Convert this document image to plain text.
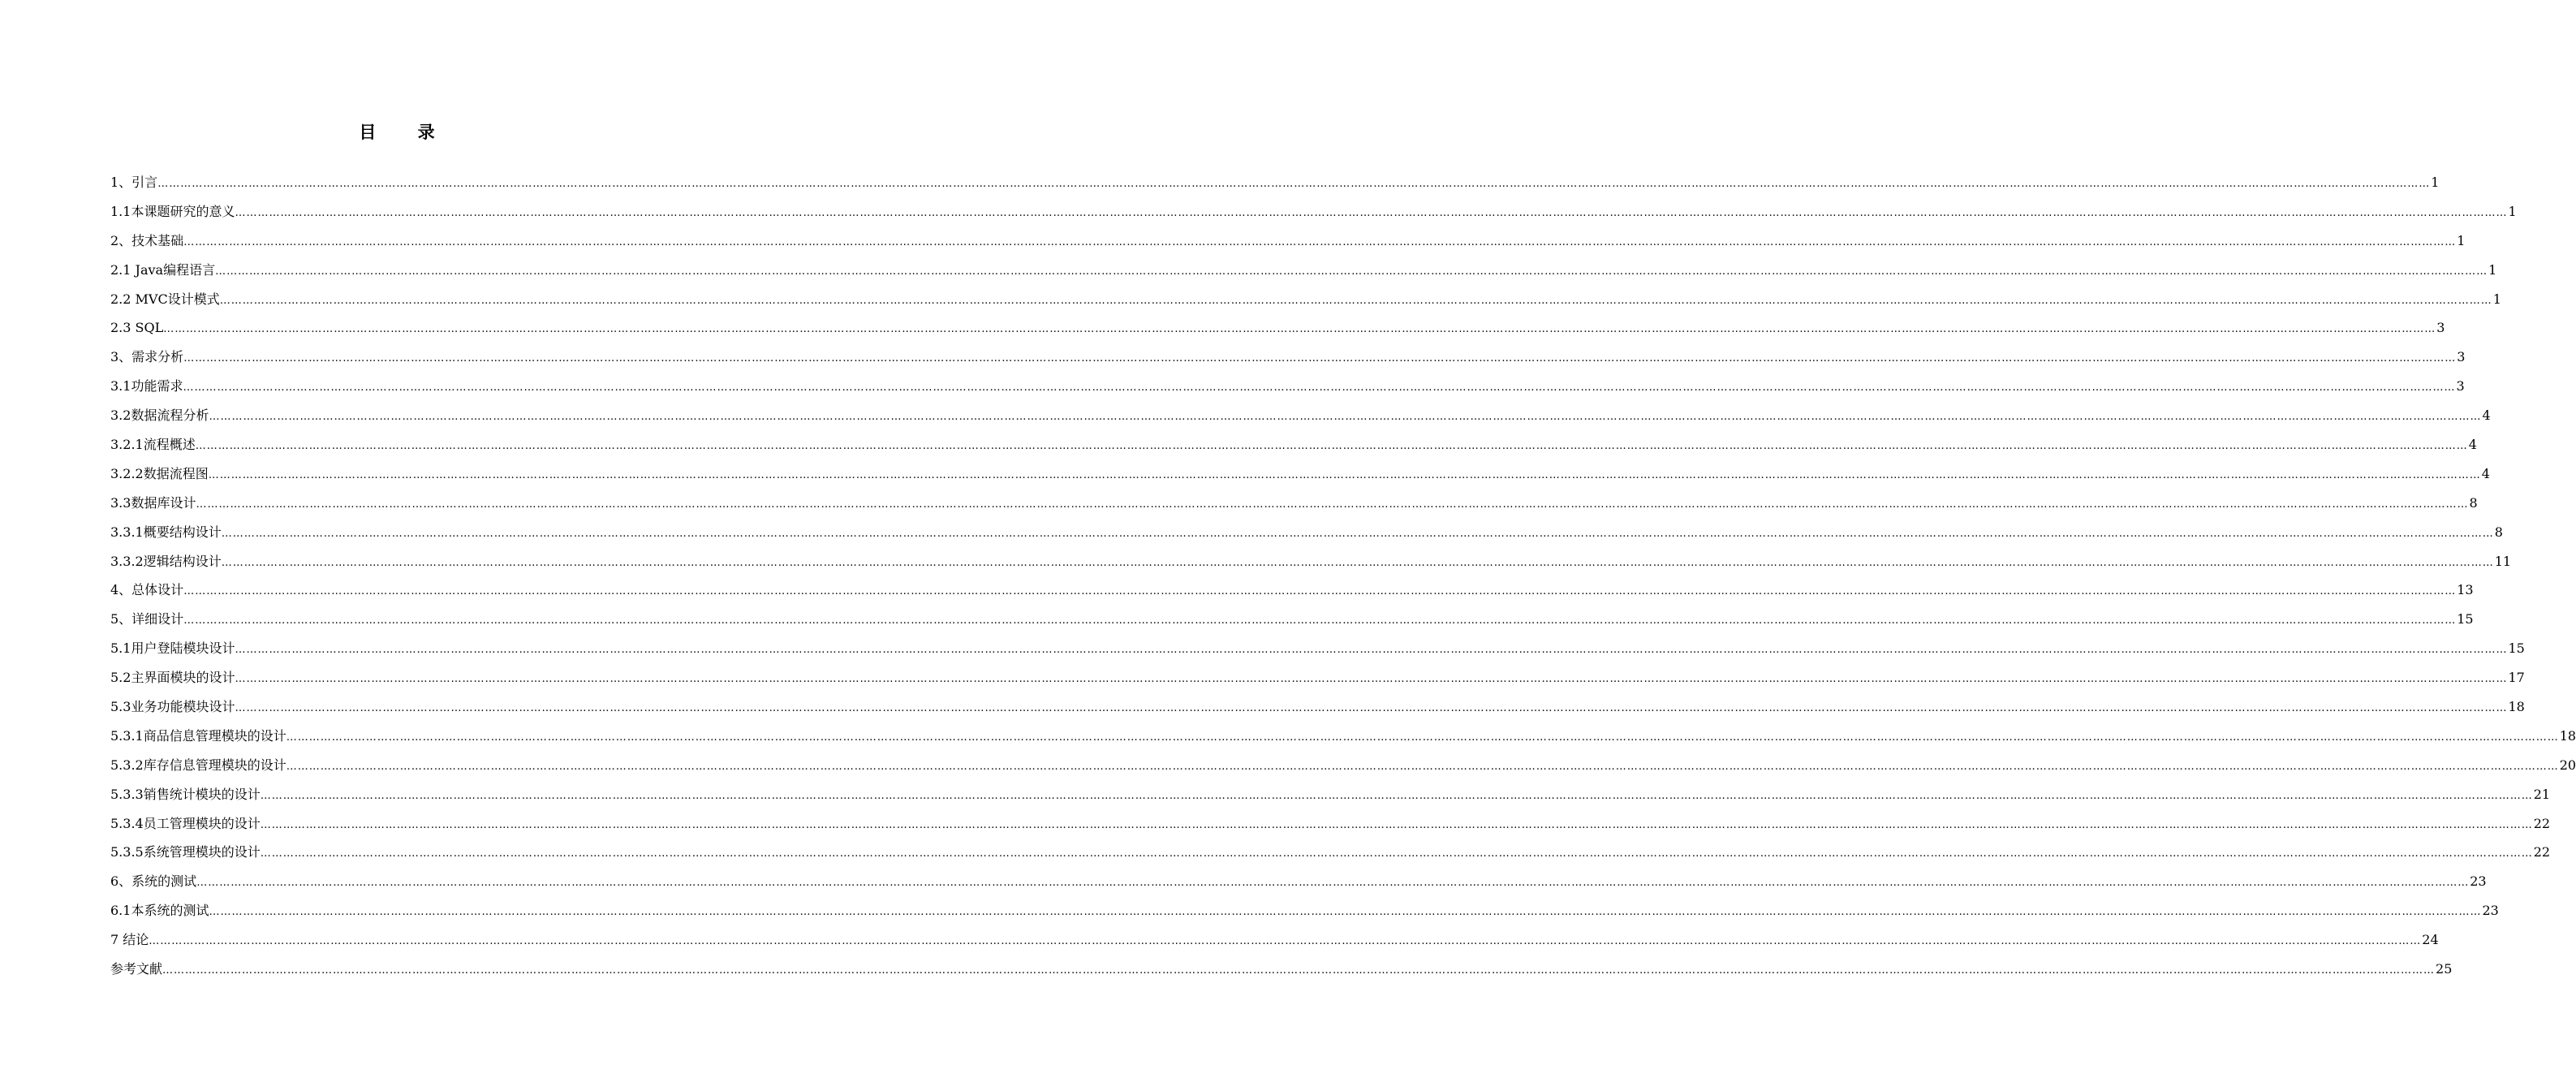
目 录
1、引言 …………………………………………………………………………………………………………………………………………………………………………………………………………………………………………………………………………………………………………………………………………………………………………………………………………………………………………………………………………………………………………………………………………………… 1
1.1本课题研究的意义 …………………………………………………………………………………………………………………………………………………………………………………………………………………………………………………………………………………………………………………………………………………………………………………………………………………………………………………………………………………………………………………………………………………… 1
2、技术基础 …………………………………………………………………………………………………………………………………………………………………………………………………………………………………………………………………………………………………………………………………………………………………………………………………………………………………………………………………………………………………………………………………………………… 1
2.1 Java编程语言 …………………………………………………………………………………………………………………………………………………………………………………………………………………………………………………………………………………………………………………………………………………………………………………………………………………………………………………………………………………………………………………………………………………… 1
2.2 MVC设计模式 …………………………………………………………………………………………………………………………………………………………………………………………………………………………………………………………………………………………………………………………………………………………………………………………………………………………………………………………………………………………………………………………………………………… 1
2.3 SQL …………………………………………………………………………………………………………………………………………………………………………………………………………………………………………………………………………………………………………………………………………………………………………………………………………………………………………………………………………………………………………………………………………………… 3
3、需求分析 …………………………………………………………………………………………………………………………………………………………………………………………………………………………………………………………………………………………………………………………………………………………………………………………………………………………………………………………………………………………………………………………………………………… 3
3.1功能需求 …………………………………………………………………………………………………………………………………………………………………………………………………………………………………………………………………………………………………………………………………………………………………………………………………………………………………………………………………………………………………………………………………………………… 3
3.2数据流程分析 …………………………………………………………………………………………………………………………………………………………………………………………………………………………………………………………………………………………………………………………………………………………………………………………………………………………………………………………………………………………………………………………………………………… 4
3.2.1流程概述 …………………………………………………………………………………………………………………………………………………………………………………………………………………………………………………………………………………………………………………………………………………………………………………………………………………………………………………………………………………………………………………………………………………… 4
3.2.2数据流程图 …………………………………………………………………………………………………………………………………………………………………………………………………………………………………………………………………………………………………………………………………………………………………………………………………………………………………………………………………………………………………………………………………………………… 4
3.3数据库设计 …………………………………………………………………………………………………………………………………………………………………………………………………………………………………………………………………………………………………………………………………………………………………………………………………………………………………………………………………………………………………………………………………………………… 8
3.3.1概要结构设计 …………………………………………………………………………………………………………………………………………………………………………………………………………………………………………………………………………………………………………………………………………………………………………………………………………………………………………………………………………………………………………………………………………………… 8
3.3.2逻辑结构设计 …………………………………………………………………………………………………………………………………………………………………………………………………………………………………………………………………………………………………………………………………………………………………………………………………………………………………………………………………………………………………………………………………………………… 11
4、总体设计 …………………………………………………………………………………………………………………………………………………………………………………………………………………………………………………………………………………………………………………………………………………………………………………………………………………………………………………………………………………………………………………………………………………… 13
5、详细设计 …………………………………………………………………………………………………………………………………………………………………………………………………………………………………………………………………………………………………………………………………………………………………………………………………………………………………………………………………………………………………………………………………………………… 15
5.1用户登陆模块设计 …………………………………………………………………………………………………………………………………………………………………………………………………………………………………………………………………………………………………………………………………………………………………………………………………………………………………………………………………………………………………………………………………………………… 15
5.2主界面模块的设计 …………………………………………………………………………………………………………………………………………………………………………………………………………………………………………………………………………………………………………………………………………………………………………………………………………………………………………………………………………………………………………………………………………………… 17
5.3业务功能模块设计 …………………………………………………………………………………………………………………………………………………………………………………………………………………………………………………………………………………………………………………………………………………………………………………………………………………………………………………………………………………………………………………………………………………… 18
5.3.1商品信息管理模块的设计 …………………………………………………………………………………………………………………………………………………………………………………………………………………………………………………………………………………………………………………………………………………………………………………………………………………………………………………………………………………………………………………………………………………… 18
5.3.2库存信息管理模块的设计 …………………………………………………………………………………………………………………………………………………………………………………………………………………………………………………………………………………………………………………………………………………………………………………………………………………………………………………………………………………………………………………………………………………… 20
5.3.3销售统计模块的设计 …………………………………………………………………………………………………………………………………………………………………………………………………………………………………………………………………………………………………………………………………………………………………………………………………………………………………………………………………………………………………………………………………………………… 21
5.3.4员工管理模块的设计 …………………………………………………………………………………………………………………………………………………………………………………………………………………………………………………………………………………………………………………………………………………………………………………………………………………………………………………………………………………………………………………………………………………… 22
5.3.5系统管理模块的设计 …………………………………………………………………………………………………………………………………………………………………………………………………………………………………………………………………………………………………………………………………………………………………………………………………………………………………………………………………………………………………………………………………………………… 22
6、系统的测试 …………………………………………………………………………………………………………………………………………………………………………………………………………………………………………………………………………………………………………………………………………………………………………………………………………………………………………………………………………………………………………………………………………………… 23
6.1本系统的测试 …………………………………………………………………………………………………………………………………………………………………………………………………………………………………………………………………………………………………………………………………………………………………………………………………………………………………………………………………………………………………………………………………………………… 23
7 结论 …………………………………………………………………………………………………………………………………………………………………………………………………………………………………………………………………………………………………………………………………………………………………………………………………………………………………………………………………………………………………………………………………………………… 24
参考文献 …………………………………………………………………………………………………………………………………………………………………………………………………………………………………………………………………………………………………………………………………………………………………………………………………………………………………………………………………………………………………………………………………………………… 25
